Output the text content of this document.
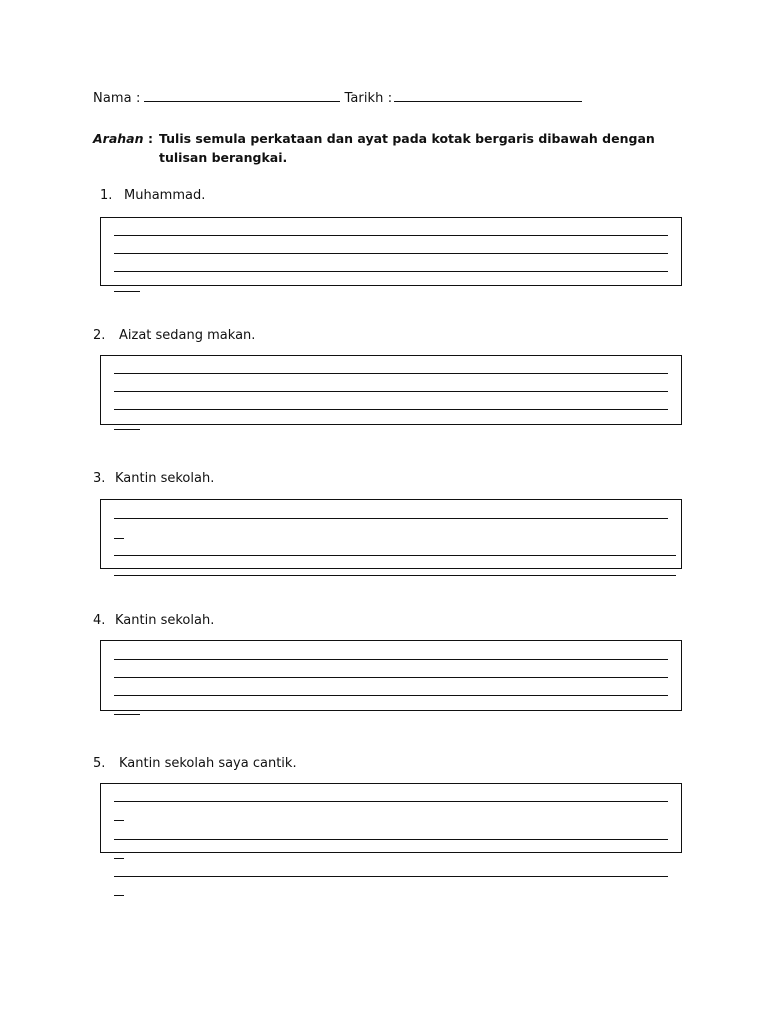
Nama :	Tarikh :
Arahan : Tulis semula perkataan dan ayat pada kotak bergaris dibawah dengan
tulisan berangkai.
1. Muhammad.
2. Aizat sedang makan.
3. Kantin sekolah.
4. Kantin sekolah.
5. Kantin sekolah saya cantik.
